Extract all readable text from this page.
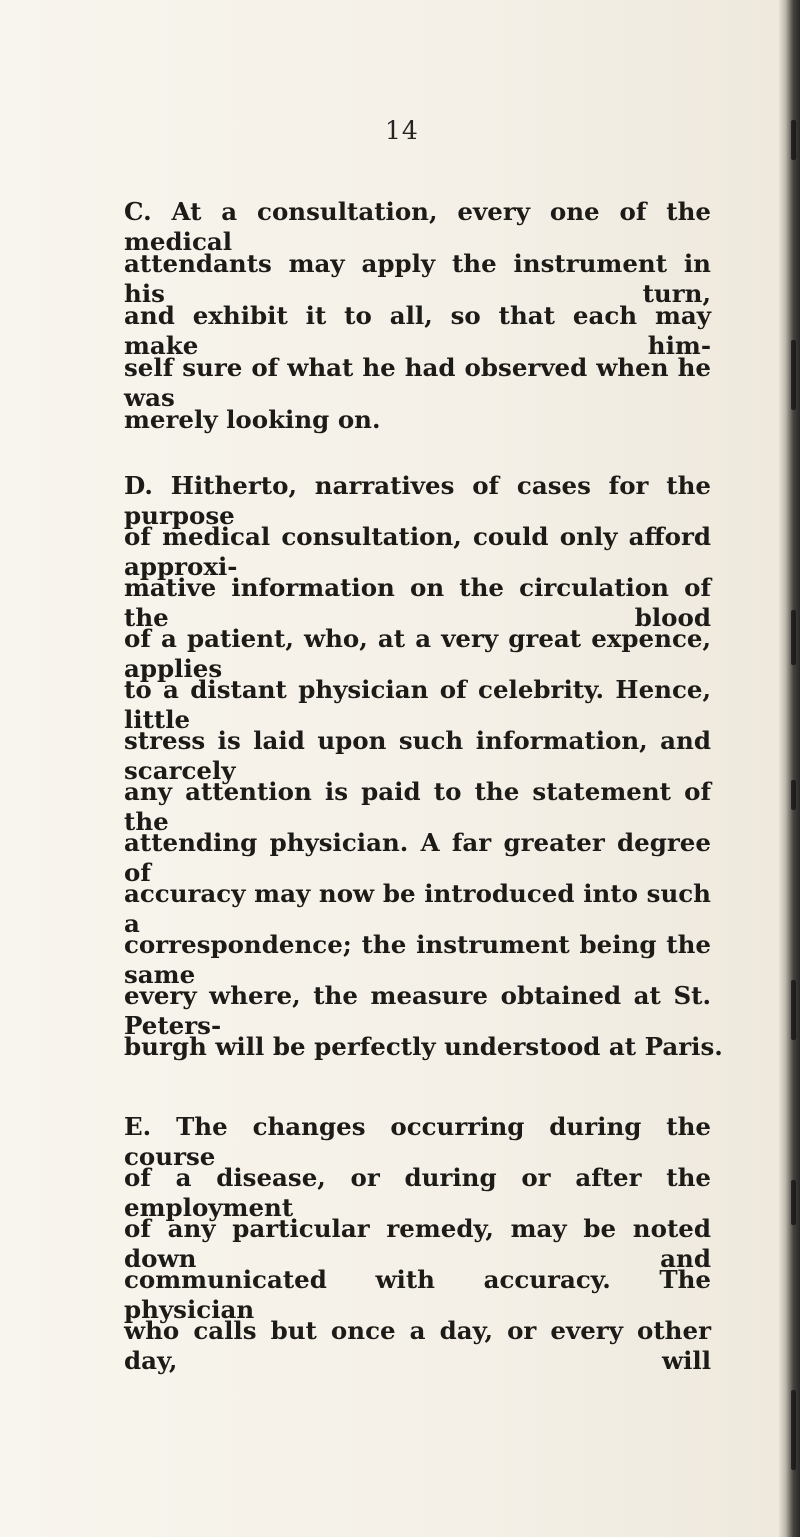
14
C. At a consultation, every one of the medical
attendants may apply the instrument in his turn,
and exhibit it to all, so that each may make him-
self sure of what he had observed when he was
merely looking on.
D. Hitherto, narratives of cases for the purpose
of medical consultation, could only afford approxi-
mative information on the circulation of the blood
of a patient, who, at a very great expence, applies
to a distant physician of celebrity. Hence, little
stress is laid upon such information, and scarcely
any attention is paid to the statement of the
attending physician. A far greater degree of
accuracy may now be introduced into such a
correspondence; the instrument being the same
every where, the measure obtained at St. Peters-
burgh will be perfectly understood at Paris.
E. The changes occurring during the course
of a disease, or during or after the employment
of any particular remedy, may be noted down and
communicated with accuracy. The physician
who calls but once a day, or every other day, will
